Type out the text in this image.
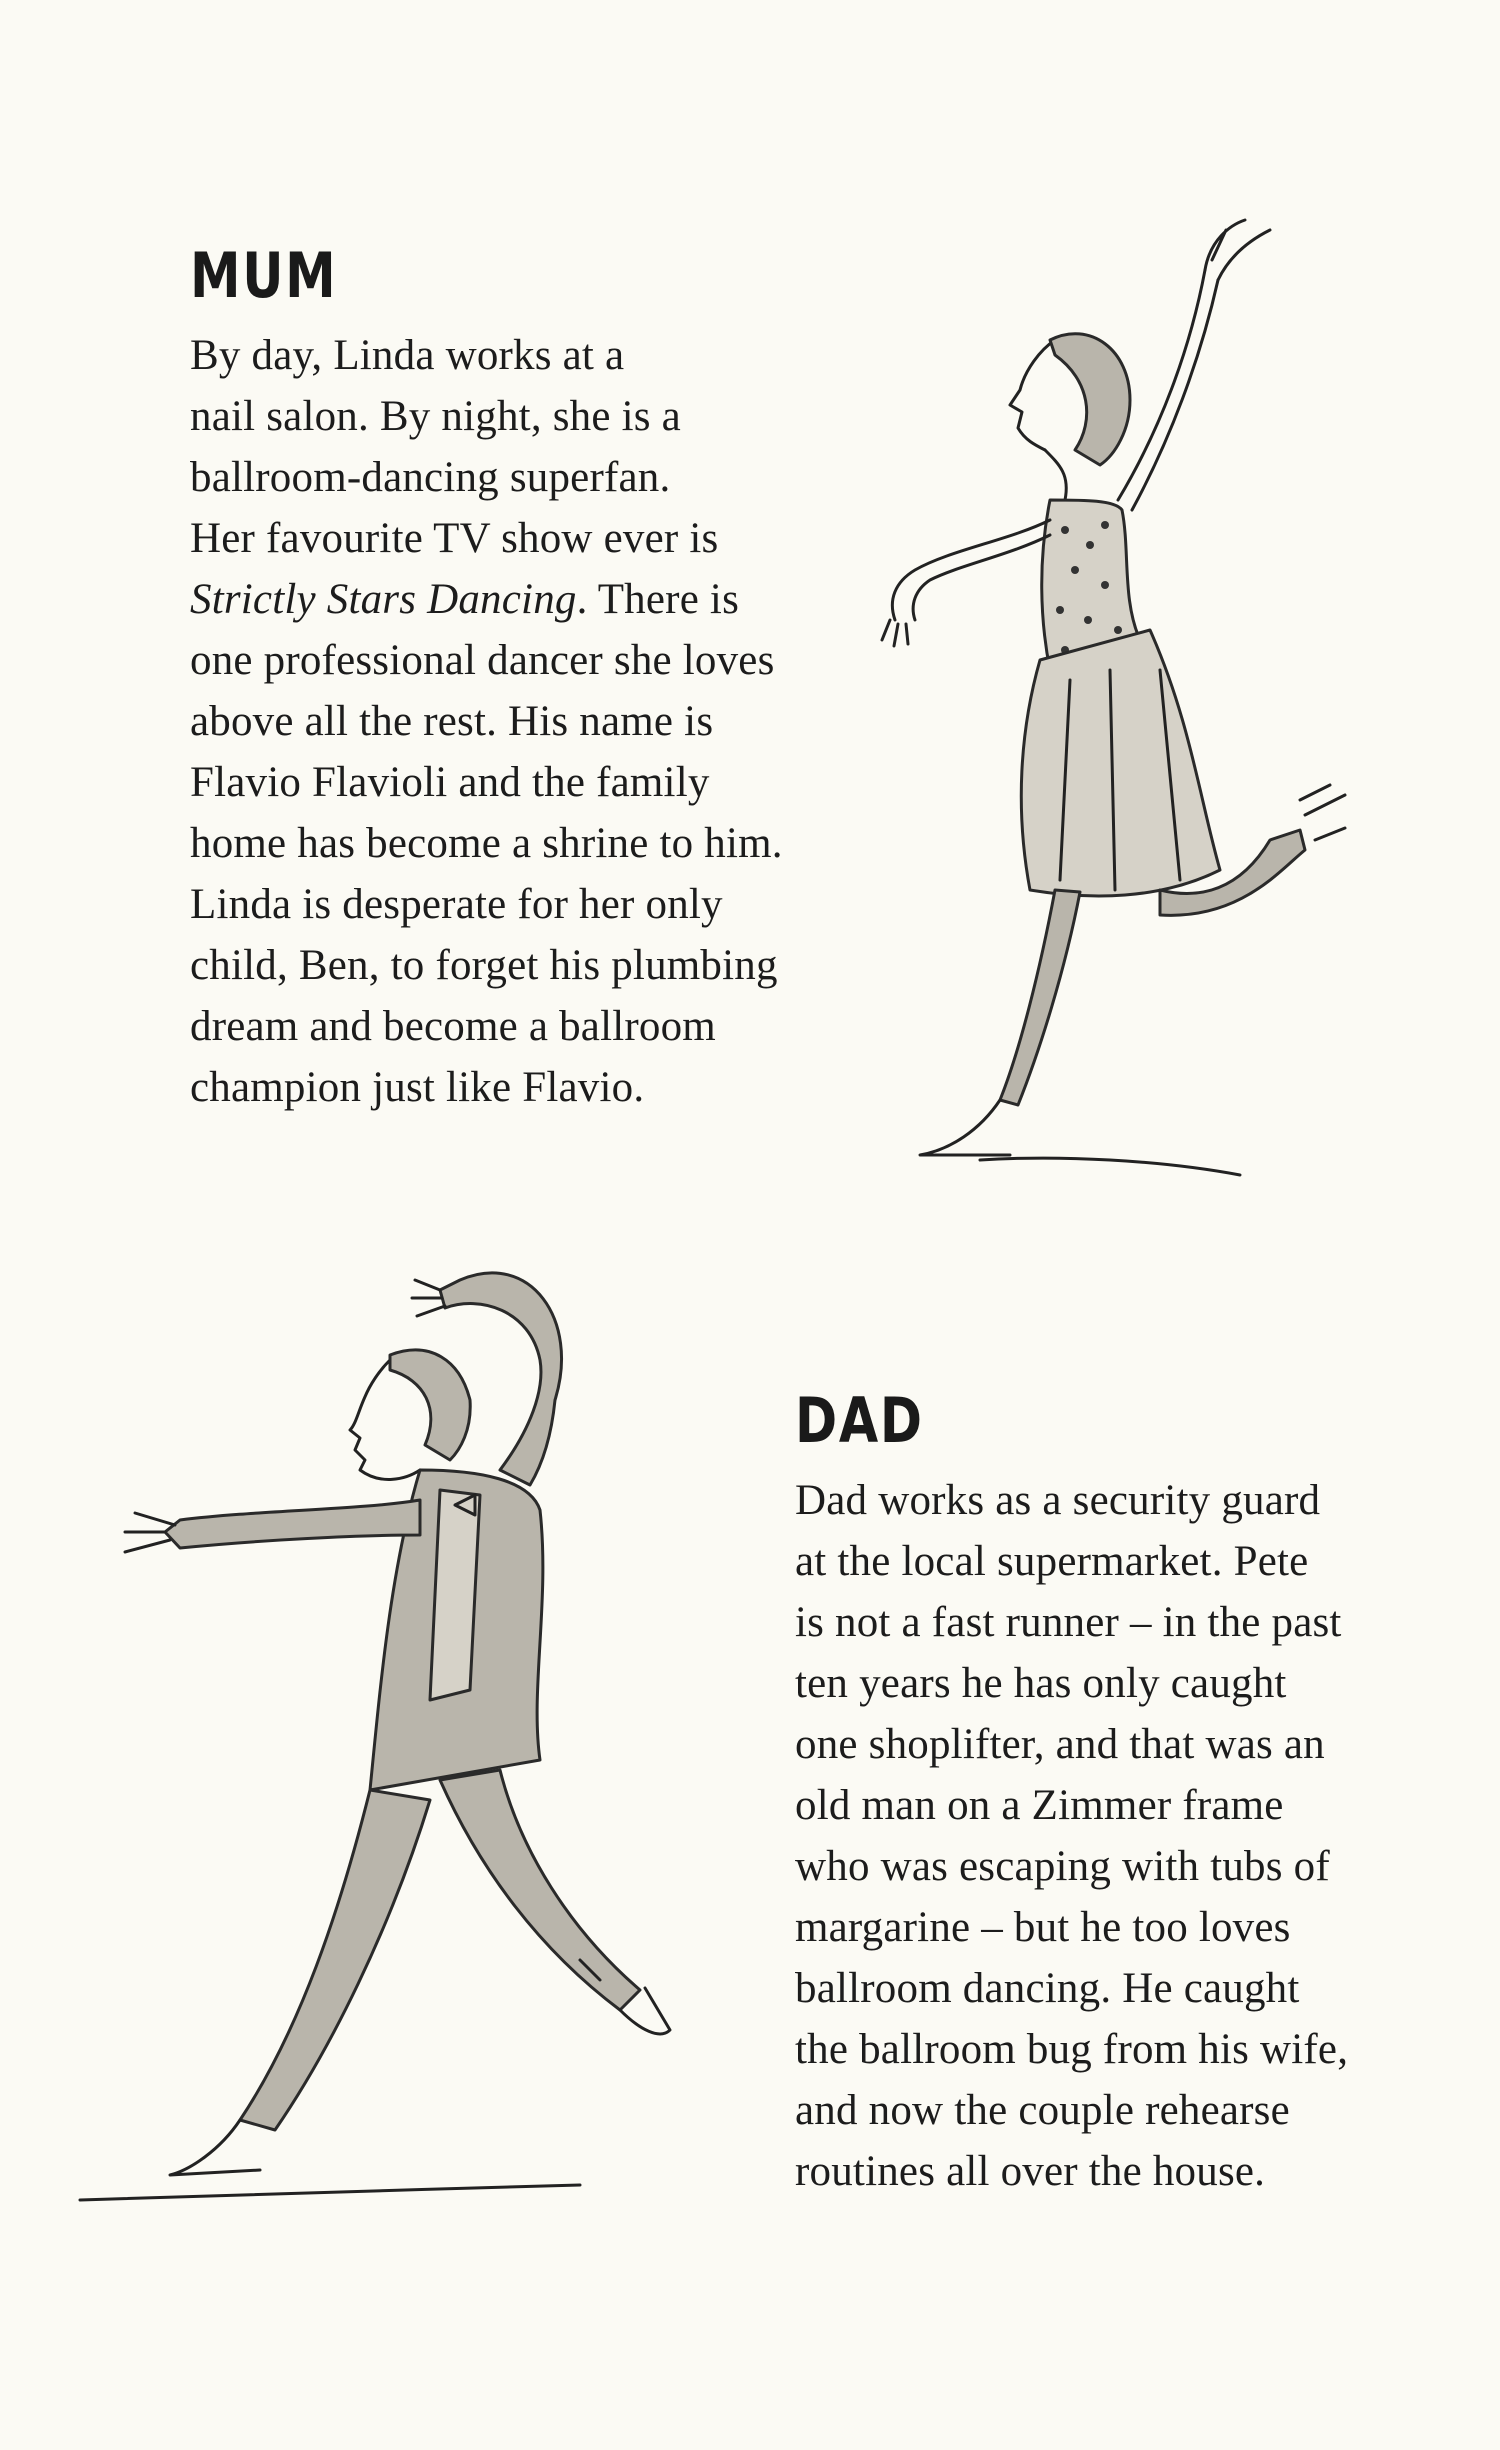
MUM
By day, Linda works at a
nail salon. By night, she is a
ballroom-dancing superfan.
Her favourite TV show ever is
Strictly Stars Dancing. There is
one professional dancer she loves
above all the rest. His name is
Flavio Flavioli and the family
home has become a shrine to him.
Linda is desperate for her only
child, Ben, to forget his plumbing
dream and become a ballroom
champion just like Flavio.
DAD
Dad works as a security guard
at the local supermarket. Pete
is not a fast runner – in the past
ten years he has only caught
one shoplifter, and that was an
old man on a Zimmer frame
who was escaping with tubs of
margarine – but he too loves
ballroom dancing. He caught
the ballroom bug from his wife,
and now the couple rehearse
routines all over the house.
